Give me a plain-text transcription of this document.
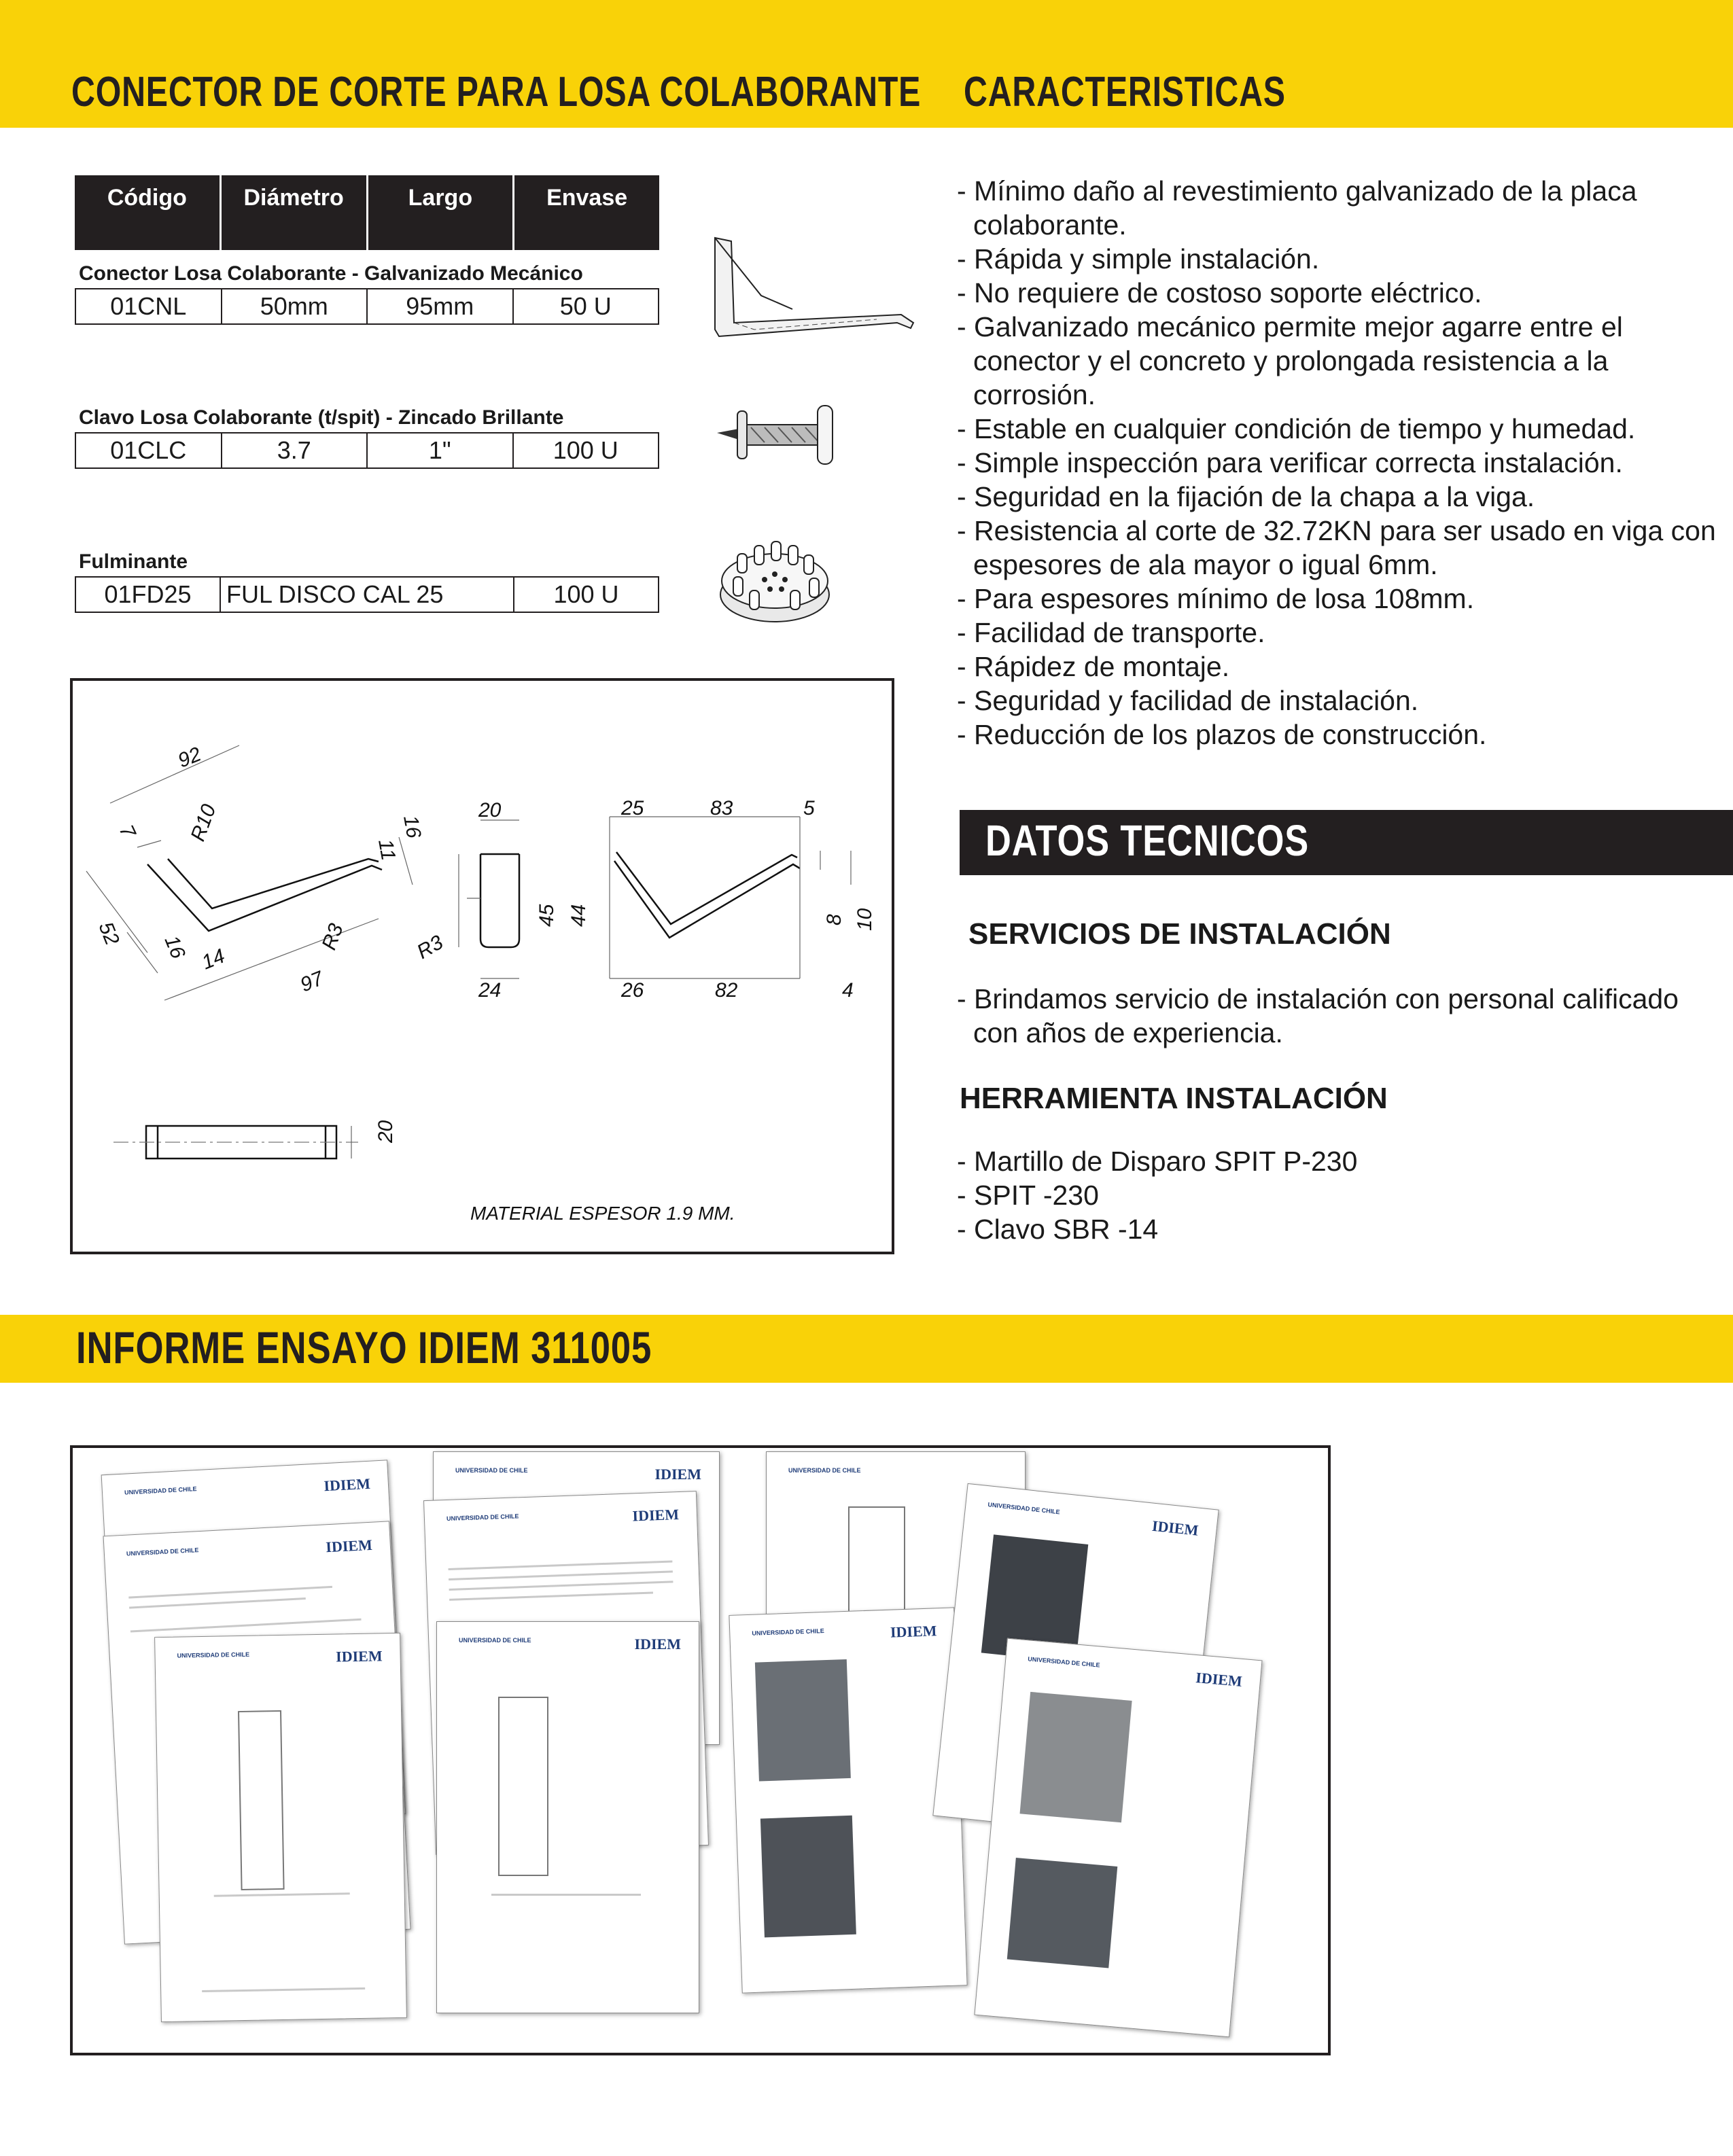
CONECTOR DE CORTE PARA LOSA COLABORANTE CARACTERISTICAS
Código	Diámetro	Largo	Envase
Conector Losa Colaborante - Galvanizado Mecánico
01CNL	50mm	95mm	50 U
Clavo Losa Colaborante (t/spit) - Zincado Brillante
01CLC	3.7	1"	100 U
Fulminante
01FD25	FUL DISCO CAL 25	100 U

- Mínimo daño al revestimiento galvanizado de la placa colaborante.

- Rápida y simple instalación.

- No requiere de costoso soporte eléctrico.

- Galvanizado mecánico permite mejor agarre entre el conector y el concreto y prolongada resistencia a la corrosión.

- Estable en cualquier condición de tiempo y humedad.

- Simple inspección para verificar correcta instalación.

- Seguridad en la fijación de la chapa a la viga.

- Resistencia al corte de 32.72KN para ser usado en viga con espesores de ala mayor o igual 6mm.

- Para espesores mínimo de losa 108mm.

- Facilidad de transporte.

- Rápidez de montaje.

- Seguridad y facilidad de instalación.

- Reducción de los plazos de construcción.

DATOS TECNICOS
SERVICIOS DE INSTALACIÓN

- Brindamos servicio de instalación con personal calificado con años de experiencia.

HERRAMIENTA INSTALACIÓN

- Martillo de Disparo SPIT P-230

- SPIT -230

- Clavo SBR -14

92
7 R10	16
11
52 16	R3
14
97
20
45 44
R3
24
25	83	5
8 10
26	82	4
20
MATERIAL ESPESOR 1.9 MM.
INFORME ENSAYO IDIEM 311005
UNIVERSIDAD DE CHILE	IDIEM
UNIVERSIDAD DE CHILE	IDIEM
UNIVERSIDAD DE CHILE	IDIEM
UNIVERSIDAD DE CHILE	IDIEM
UNIVERSIDAD DE CHILE	IDIEM
UNIVERSIDAD DE CHILE	IDIEM
UNIVERSIDAD DE CHILE
UNIVERSIDAD DE CHILE	IDIEM
UNIVERSIDAD DE CHILE
IDIEM
UNIVERSIDAD DE CHILE
IDIEM
